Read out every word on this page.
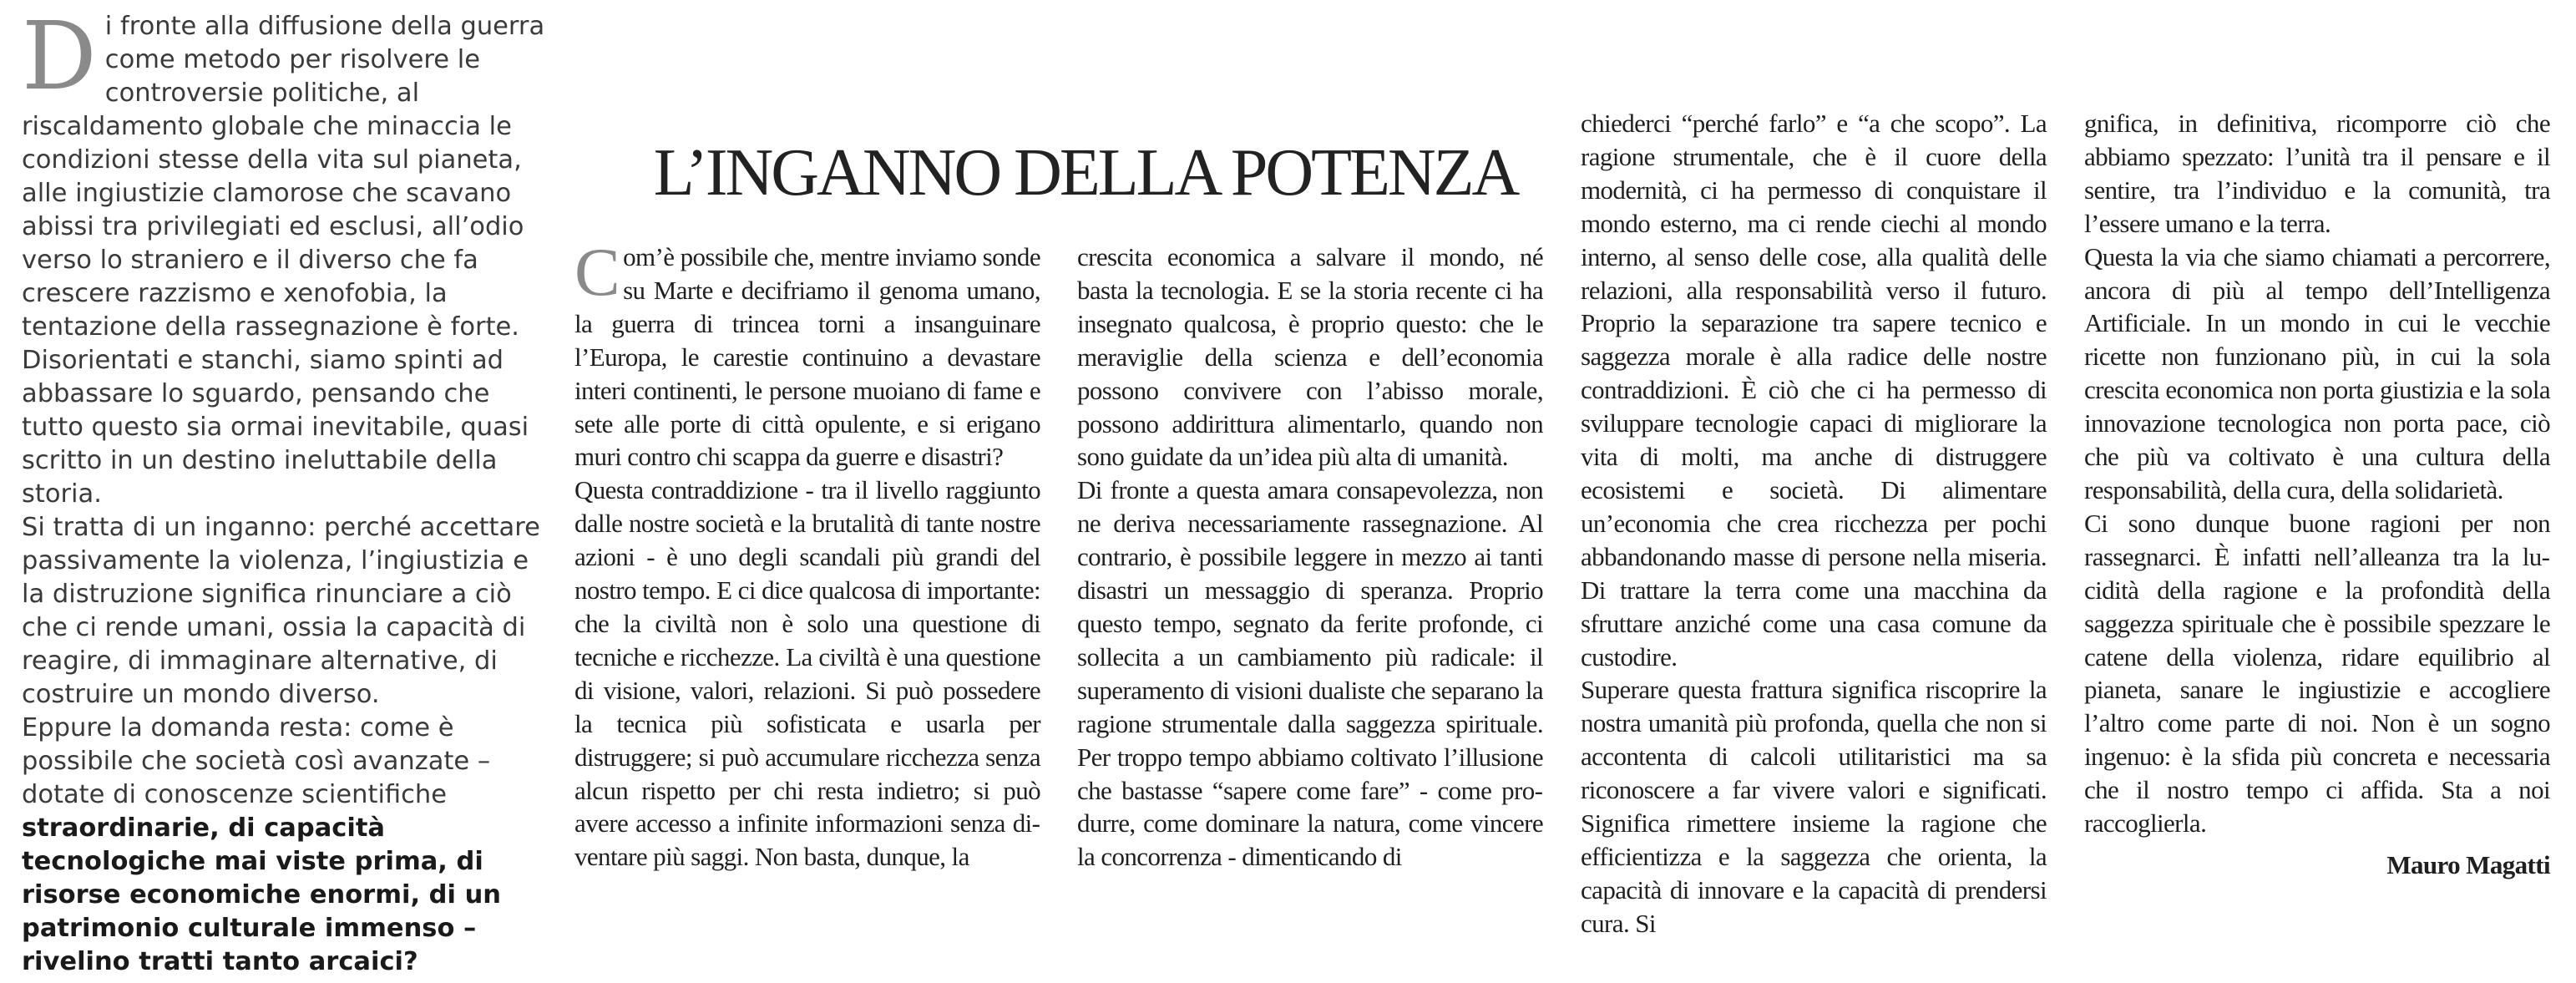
Di fronte alla diffusione della guerra come metodo per risolvere le controversie politiche, al riscaldamento globale che minaccia le condizioni stesse della vita sul pianeta, alle ingiustizie clamorose che scavano abissi tra privilegiati ed esclusi, all’odio verso lo straniero e il diverso che fa crescere razzismo e xenofobia, la tentazione della rassegnazione è forte. Disorientati e stanchi, siamo spinti ad abbassare lo sguardo, pensando che tutto questo sia ormai inevitabile, quasi scritto in un destino ineluttabile della storia.

Si tratta di un inganno: perché accettare passivamente la violenza, l’ingiustizia e la distruzione significa rinunciare a ciò che ci rende umani, ossia la capacità di reagire, di immaginare alternative, di costruire un mondo diverso.

Eppure la domanda resta: come è possibile che società così avanzate – dotate di conoscenze scientifiche straordinarie, di capacità tecnologiche mai viste prima, di risorse economiche enormi, di un patrimonio culturale immenso – rivelino tratti tanto arcaici?

L’INGANNO DELLA POTENZA

Com’è possibile che, mentre inviamo sonde su Marte e decifriamo il genoma umano, la guerra di trincea torni a insanguinare l’Europa, le carestie continuino a devastare interi continenti, le persone muoiano di fame e sete alle porte di città opulente, e si erigano muri contro chi scappa da guerre e disastri?

Questa contraddizione - tra il livello raggiunto dalle nostre società e la brutalità di tante nostre azioni - è uno degli scandali più grandi del nostro tempo. E ci dice qualcosa di importante: che la civiltà non è solo una questione di tecniche e ricchezze. La civiltà è una questione di visione, valori, relazioni. Si può possedere la tecnica più sofisticata e usarla per distruggere; si può accumulare ricchezza senza alcun rispetto per chi resta indietro; si può avere accesso a infinite informazioni senza diventare più saggi. Non basta, dunque, la

crescita economica a salvare il mondo, né basta la tecnologia. E se la storia recente ci ha insegnato qualcosa, è proprio questo: che le meraviglie della scienza e dell’economia possono convivere con l’abisso morale, possono addirittura alimentarlo, quando non sono guidate da un’idea più alta di umanità.

Di fronte a questa amara consapevolezza, non ne deriva necessariamente rassegnazione. Al contrario, è possibile leggere in mezzo ai tanti disastri un messaggio di speranza. Proprio questo tempo, segnato da ferite profonde, ci sollecita a un cambiamento più radicale: il superamento di visioni dualiste che separano la ragione strumentale dalla saggezza spirituale. Per troppo tempo abbiamo coltivato l’illusione che bastasse “sapere come fare” - come produrre, come dominare la natura, come vincere la concorrenza - dimenticando di

chiederci “perché farlo” e “a che scopo”. La ragione strumentale, che è il cuore della modernità, ci ha permesso di conquistare il mondo esterno, ma ci rende ciechi al mondo interno, al senso delle cose, alla qualità delle relazioni, alla responsabilità verso il futuro. Proprio la separazione tra sapere tecnico e saggezza morale è alla radice delle nostre contraddizioni. È ciò che ci ha permesso di sviluppare tecnologie capaci di migliorare la vita di molti, ma anche di distruggere ecosistemi e società. Di alimentare un’economia che crea ricchezza per pochi abbandonando masse di persone nella miseria. Di trattare la terra come una macchina da sfruttare anziché come una casa comune da custodire.

Superare questa frattura significa riscoprire la nostra umanità più profonda, quella che non si accontenta di calcoli utilitaristici ma sa riconoscere a far vivere valori e significati. Significa rimettere insieme la ragione che efficientizza e la saggezza che orienta, la capacità di innovare e la capacità di prendersi cura. Si

gnifica, in definitiva, ricomporre ciò che abbiamo spezzato: l’unità tra il pensare e il sentire, tra l’individuo e la comunità, tra l’essere umano e la terra.

Questa la via che siamo chiamati a percorrere, ancora di più al tempo dell’Intelligenza Artificiale. In un mondo in cui le vecchie ricette non funzionano più, in cui la sola crescita economica non porta giustizia e la sola innovazione tecnologica non porta pace, ciò che più va coltivato è una cultura della responsabilità, della cura, della solidarietà.

Ci sono dunque buone ragioni per non rassegnarci. È infatti nell’alleanza tra la lucidità della ragione e la profondità della saggezza spirituale che è possibile spezzare le catene della violenza, ridare equilibrio al pianeta, sanare le ingiustizie e accogliere l’altro come parte di noi. Non è un sogno ingenuo: è la sfida più concreta e necessaria che il nostro tempo ci affida. Sta a noi raccoglierla.

Mauro Magatti
